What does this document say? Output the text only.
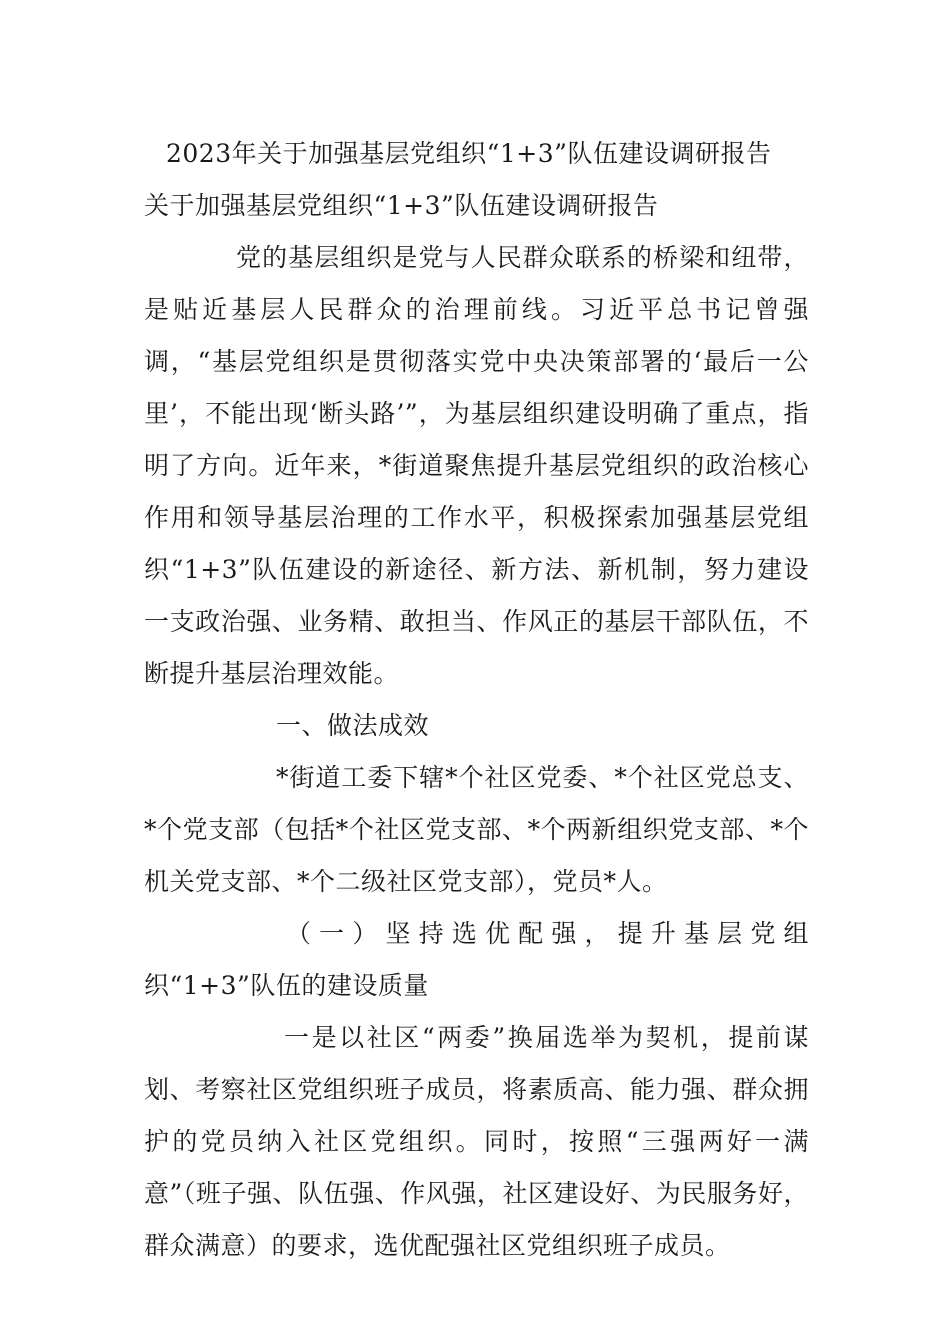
2023年关于加强基层党组织“1+3”队伍建设调研报告

关于加强基层党组织“1+3”队伍建设调研报告

党的基层组织是党与人民群众联系的桥梁和纽带，是贴近基层人民群众的治理前线。习近平总书记曾强调，“基层党组织是贯彻落实党中央决策部署的‘最后一公里’，不能出现‘断头路’”，为基层组织建设明确了重点，指明了方向。近年来，*街道聚焦提升基层党组织的政治核心作用和领导基层治理的工作水平，积极探索加强基层党组织“1+3”队伍建设的新途径、新方法、新机制，努力建设一支政治强、业务精、敢担当、作风正的基层干部队伍，不断提升基层治理效能。

一、做法成效

*街道工委下辖*个社区党委、*个社区党总支、*个党支部（包括*个社区党支部、*个两新组织党支部、*个机关党支部、*个二级社区党支部），党员*人。

（一）坚持选优配强，提升基层党组织“1+3”队伍的建设质量

一是以社区“两委”换届选举为契机，提前谋划、考察社区党组织班子成员，将素质高、能力强、群众拥护的党员纳入社区党组织。同时，按照“三强两好一满意”（班子强、队伍强、作风强，社区建设好、为民服务好，群众满意）的要求，选优配强社区党组织班子成员。
